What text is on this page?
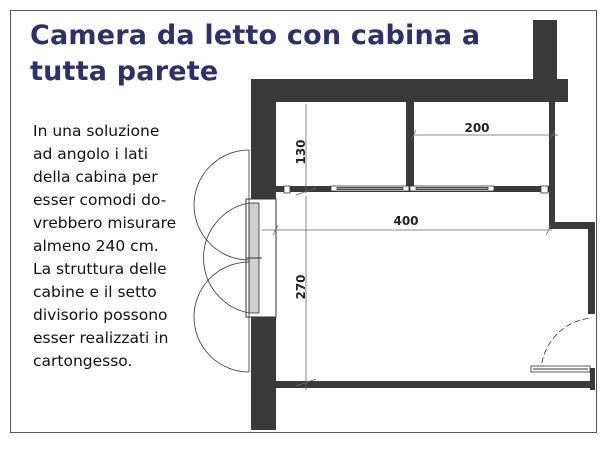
Camera da letto con cabina a
tutta parete
In una soluzione
ad angolo i lati
della cabina per
esser comodi do-
vrebbero misurare
almeno 240 cm.
La struttura delle
cabine e il setto
divisorio possono
esser realizzati in
cartongesso.
130
200
400
270
